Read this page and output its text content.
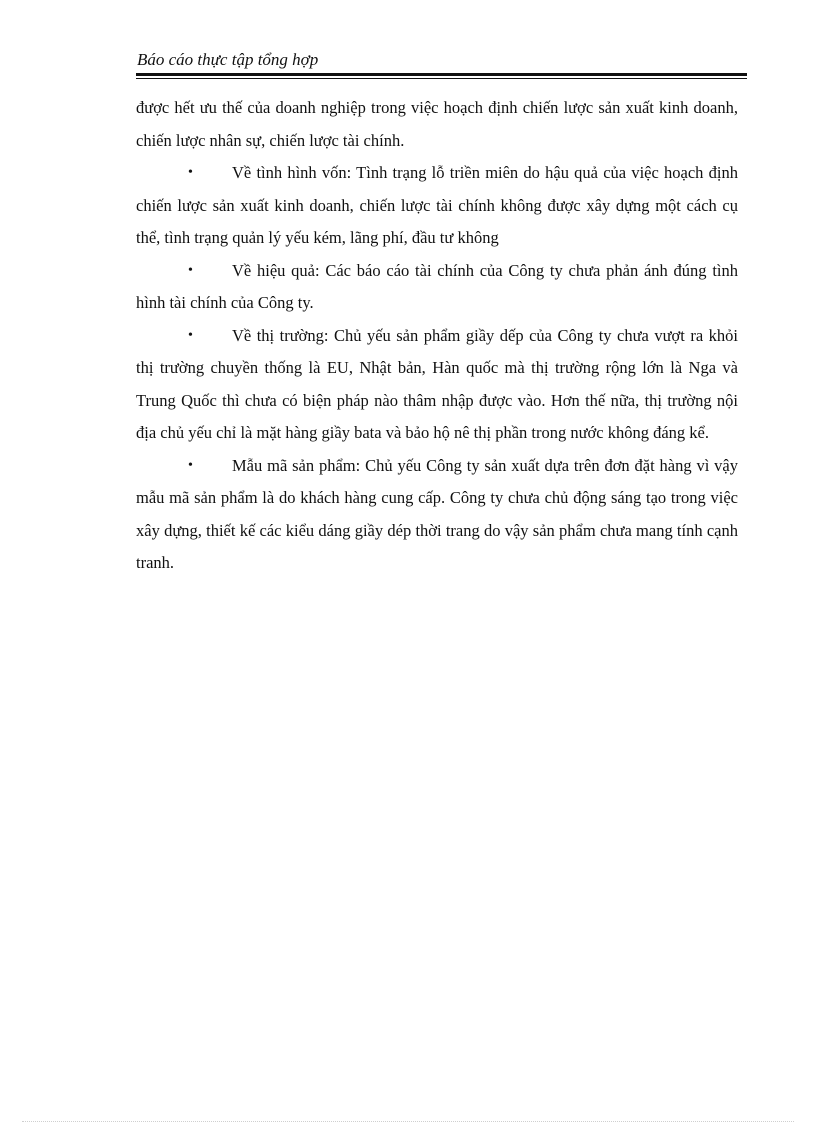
Báo cáo thực tập tổng hợp

được hết ưu thế của doanh nghiệp trong việc hoạch định chiến lược sản xuất kinh doanh, chiến lược nhân sự, chiến lược tài chính.

• Về tình hình vốn: Tình trạng lỗ triền miên do hậu quả của việc hoạch định chiến lược sản xuất kinh doanh, chiến lược tài chính không được xây dựng một cách cụ thể, tình trạng quản lý yếu kém, lãng phí, đầu tư không

• Về hiệu quả: Các báo cáo tài chính của Công ty chưa phản ánh đúng tình hình tài chính của Công ty.

• Về thị trường: Chủ yếu sản phẩm giầy dếp của Công ty chưa vượt ra khỏi thị trường chuyền thống là EU, Nhật bản, Hàn quốc mà thị trường rộng lớn là Nga và Trung Quốc thì chưa có biện pháp nào thâm nhập được vào. Hơn thế nữa, thị trường nội địa chủ yếu chỉ là mặt hàng giầy bata và bảo hộ nê thị phần trong nước không đáng kể.

• Mẫu mã sản phẩm: Chủ yếu Công ty sản xuất dựa trên đơn đặt hàng vì vậy mẫu mã sản phẩm là do khách hàng cung cấp. Công ty chưa chủ động sáng tạo trong việc xây dựng, thiết kế các kiểu dáng giầy dép thời trang do vậy sản phẩm chưa mang tính cạnh tranh.
